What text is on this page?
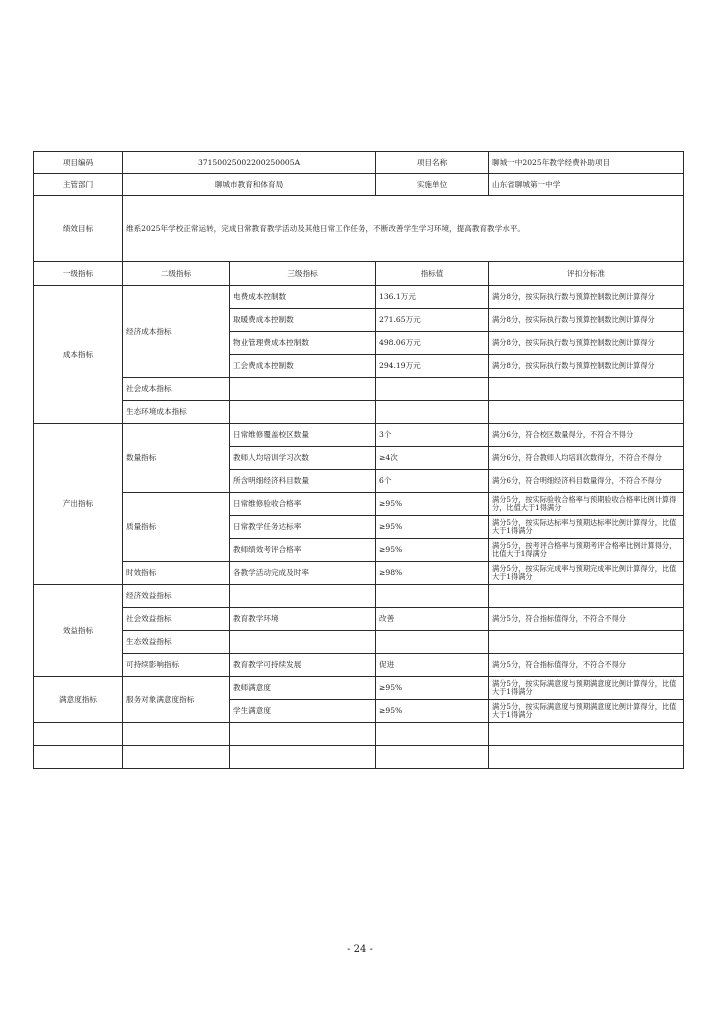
项目编码	37150025002200250005A		项目名称	聊城一中2025年教学经费补助项目
主管部门	聊城市教育和体育局		实施单位	山东省聊城第一中学
绩效目标	维系2025年学校正常运转，完成日常教育教学活动及其他日常工作任务，不断改善学生学习环境，提高教育教学水平。			
一级指标	二级指标	三级指标	指标值	评扣分标准
成本指标	经济成本指标	电费成本控制数	136.1万元	满分8分，按实际执行数与预算控制数比例计算得分
		取暖费成本控制数	271.65万元	满分8分，按实际执行数与预算控制数比例计算得分
		物业管理费成本控制数	498.06万元	满分8分，按实际执行数与预算控制数比例计算得分
		工会费成本控制数	294.19万元	满分8分，按实际执行数与预算控制数比例计算得分
	社会成本指标			
	生态环境成本指标			
产出指标	数量指标	日常维修覆盖校区数量	3个	满分6分，符合校区数量得分，不符合不得分
		教师人均培训学习次数	≥4次	满分6分，符合教师人均培训次数得分，不符合不得分
		所含明细经济科目数量	6个	满分6分，符合明细经济科目数量得分，不符合不得分
	质量指标	日常维修验收合格率	≥95%	满分5分，按实际验收合格率与预期验收合格率比例计算得分，比值大于1得满分
		日常教学任务达标率	≥95%	满分5分，按实际达标率与预期达标率比例计算得分，比值大于1得满分
		教师绩效考评合格率	≥95%	满分5分，按考评合格率与预期考评合格率比例计算得分，比值大于1得满分
	时效指标	各教学活动完成及时率	≥98%	满分5分，按实际完成率与预期完成率比例计算得分，比值大于1得满分
效益指标	经济效益指标			
	社会效益指标	教育教学环境	改善	满分5分，符合指标值得分，不符合不得分
	生态效益指标			
	可持续影响指标	教育教学可持续发展	促进	满分5分，符合指标值得分，不符合不得分
满意度指标	服务对象满意度指标	教师满意度	≥95%	满分5分，按实际满意度与预期满意度比例计算得分，比值大于1得满分
		学生满意度	≥95%	满分5分，按实际满意度与预期满意度比例计算得分，比值大于1得满分

- 24 -
